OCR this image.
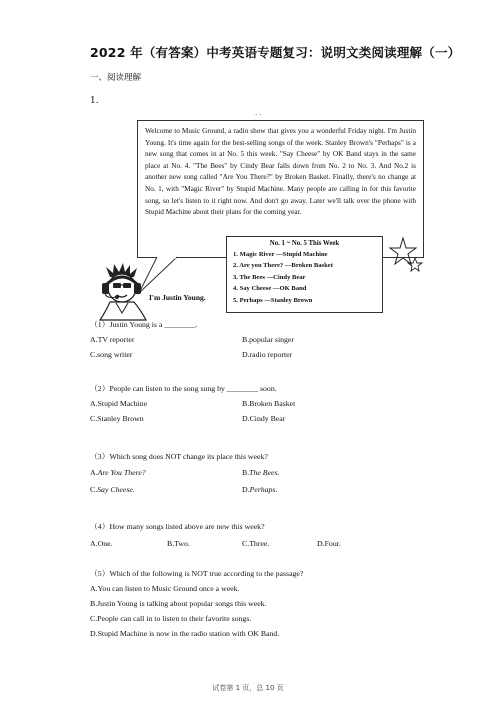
2022 年（有答案）中考英语专题复习：说明文类阅读理解（一）
一、阅读理解
1.
· ·

Welcome to Music Ground, a radio show that gives you a wonderful Friday night. I'm Justin Young. It's time again for the best-selling songs of the week. Stanley Brown's "Perhaps" is a new song that comes in at No. 5 this week. "Say Cheese" by OK Band stays in the same place at No. 4. "The Bees" by Cindy Bear falls down from No. 2 to No. 3. And No.2 is another new song called "Are You There?" by Broken Basket. Finally, there's no change at No. 1, with "Magic River" by Stupid Machine. Many people are calling in for this favorite song, so let's listen to it right now. And don't go away. Later we'll talk over the phone with Stupid Machine about their plans for the coming year.

I'm Justin Young.
No. 1 ~ No. 5 This Week
1. Magic River —Stupid Machine
2. Are you There? —Broken Basket
3. The Bees —Cindy Bear
4. Say Cheese —OK Band
5. Perhaps —Stanley Brown
（1）Justin Young is a ________.
A.TV reporter	B.popular singer
C.song writer	D.radio reporter
（2）People can listen to the song sung by ________ soon.
A.Stupid Machine	B.Broken Basket
C.Stanley Brown	D.Cindy Bear
（3）Which song does NOT change its place this week?
A.Are You There?	B.The Bees.
C.Say Cheese.	D.Perhaps.
（4）How many songs listed above are new this week?
A.One.	B.Two.	C.Three.	D.Four.
（5）Which of the following is NOT true according to the passage?
A.You can listen to Music Ground once a week.
B.Justin Young is talking about popular songs this week.
C.People can call in to listen to their favorite songs.
D.Stupid Machine is now in the radio station with OK Band.
试卷第 1 页，总 10 页
